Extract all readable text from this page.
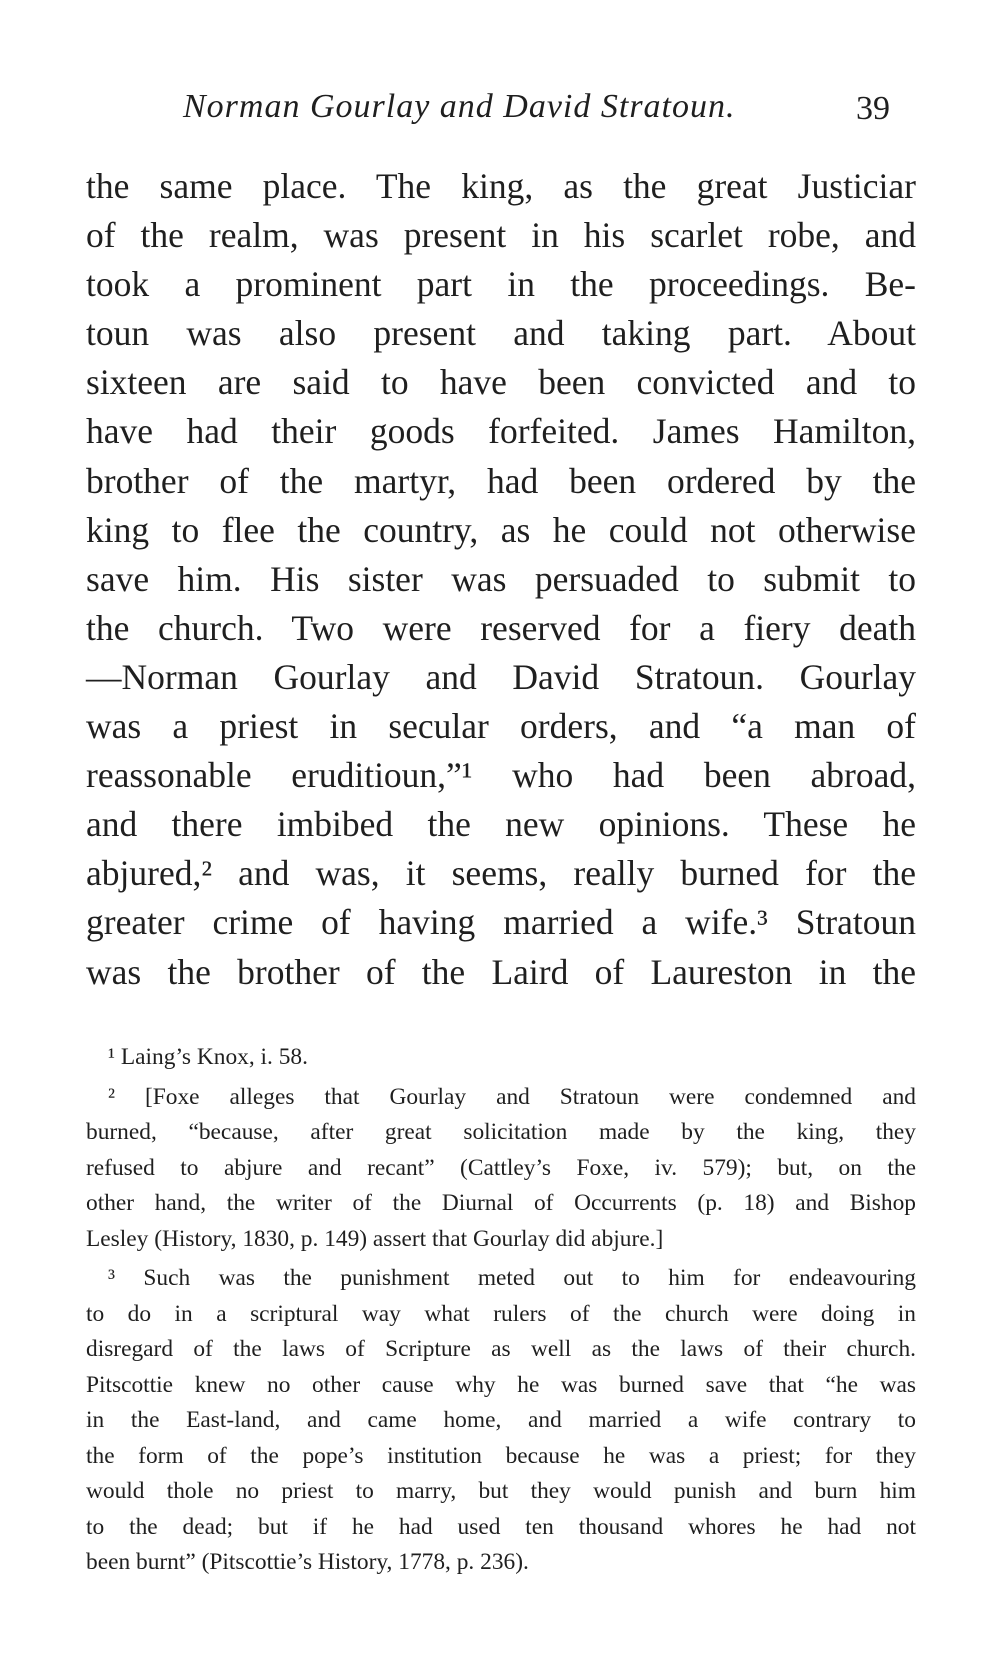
Norman Gourlay and David Stratoun.	39
the same place. The king, as the great Justiciar
of the realm, was present in his scarlet robe, and
took a prominent part in the proceedings. Be-
toun was also present and taking part. About
sixteen are said to have been convicted and to
have had their goods forfeited. James Hamilton,
brother of the martyr, had been ordered by the
king to flee the country, as he could not otherwise
save him. His sister was persuaded to submit to
the church. Two were reserved for a fiery death
—Norman Gourlay and David Stratoun. Gourlay
was a priest in secular orders, and “a man of
reassonable eruditioun,”¹ who had been abroad,
and there imbibed the new opinions. These he
abjured,² and was, it seems, really burned for the
greater crime of having married a wife.³ Stratoun
was the brother of the Laird of Laureston in the
¹ Laing’s Knox, i. 58.
² [Foxe alleges that Gourlay and Stratoun were condemned and
burned, “because, after great solicitation made by the king, they
refused to abjure and recant” (Cattley’s Foxe, iv. 579); but, on the
other hand, the writer of the Diurnal of Occurrents (p. 18) and Bishop
Lesley (History, 1830, p. 149) assert that Gourlay did abjure.]
³ Such was the punishment meted out to him for endeavouring
to do in a scriptural way what rulers of the church were doing in
disregard of the laws of Scripture as well as the laws of their church.
Pitscottie knew no other cause why he was burned save that “he was
in the East-land, and came home, and married a wife contrary to
the form of the pope’s institution because he was a priest; for they
would thole no priest to marry, but they would punish and burn him
to the dead; but if he had used ten thousand whores he had not
been burnt” (Pitscottie’s History, 1778, p. 236).
